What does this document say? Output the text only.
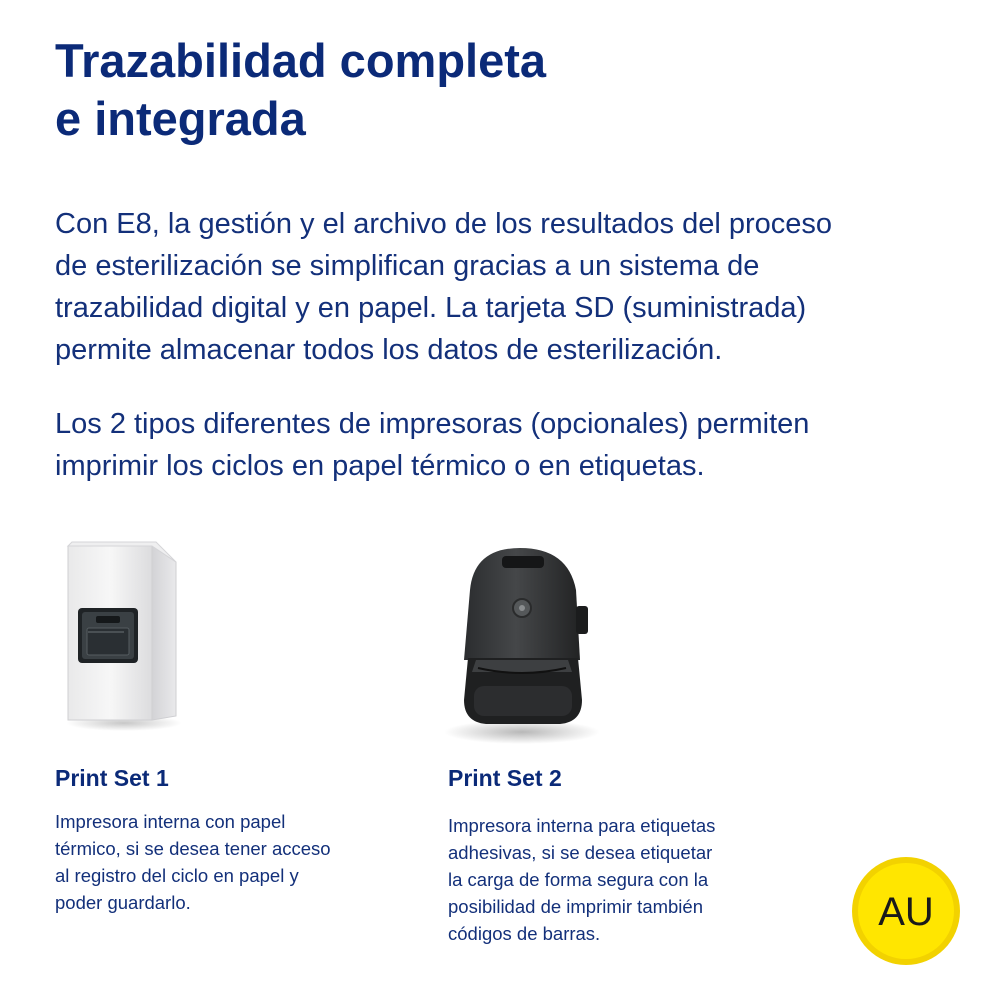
Trazabilidad completa
e integrada

Con E8, la gestión y el archivo de los resultados del proceso
de esterilización se simplifican gracias a un sistema de
trazabilidad digital y en papel. La tarjeta SD (suministrada)
permite almacenar todos los datos de esterilización.

Los 2 tipos diferentes de impresoras (opcionales) permiten
imprimir los ciclos en papel térmico o en etiquetas.

Print Set 1

Impresora interna con papel
térmico, si se desea tener acceso
al registro del ciclo en papel y
poder guardarlo.

Print Set 2

Impresora interna para etiquetas
adhesivas, si se desea etiquetar
la carga de forma segura con la
posibilidad de imprimir también
códigos de barras.	AU
